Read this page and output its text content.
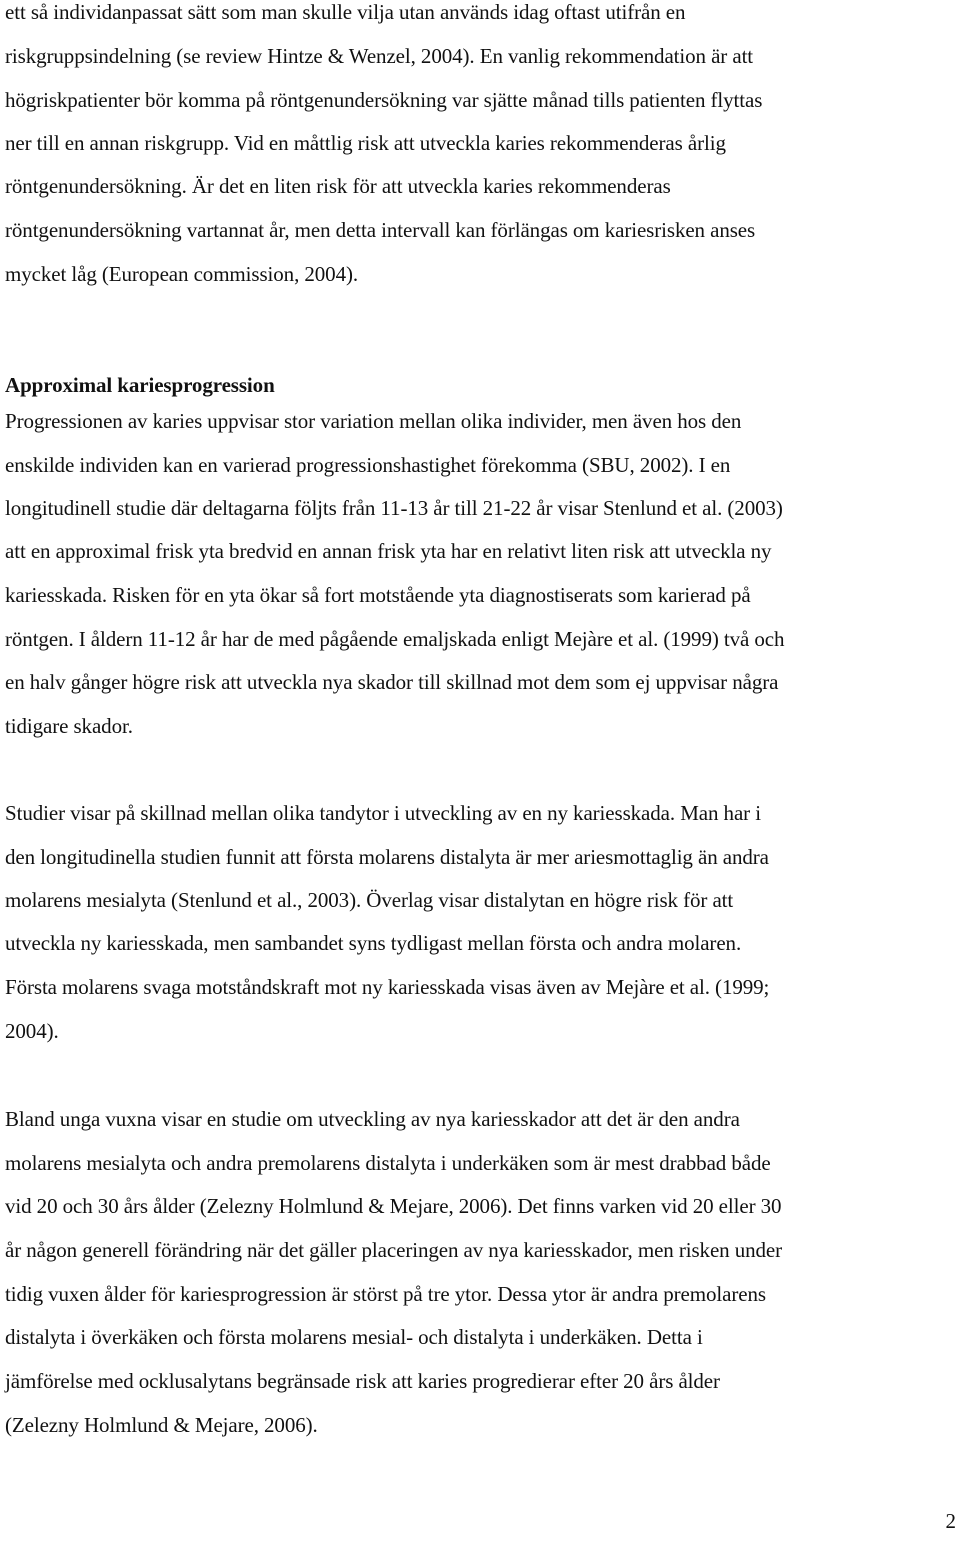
ett så individanpassat sätt som man skulle vilja utan används idag oftast utifrån en
riskgruppsindelning (se review Hintze & Wenzel, 2004). En vanlig rekommendation är att
högriskpatienter bör komma på röntgenundersökning var sjätte månad tills patienten flyttas
ner till en annan riskgrupp. Vid en måttlig risk att utveckla karies rekommenderas årlig
röntgenundersökning. Är det en liten risk för att utveckla karies rekommenderas
röntgenundersökning vartannat år, men detta intervall kan förlängas om kariesrisken anses
mycket låg (European commission, 2004).
Approximal kariesprogression
Progressionen av karies uppvisar stor variation mellan olika individer, men även hos den
enskilde individen kan en varierad progressionshastighet förekomma (SBU, 2002). I en
longitudinell studie där deltagarna följts från 11-13 år till 21-22 år visar Stenlund et al. (2003)
att en approximal frisk yta bredvid en annan frisk yta har en relativt liten risk att utveckla ny
kariesskada. Risken för en yta ökar så fort motstående yta diagnostiserats som karierad på
röntgen. I åldern 11-12 år har de med pågående emaljskada enligt Mejàre et al. (1999) två och
en halv gånger högre risk att utveckla nya skador till skillnad mot dem som ej uppvisar några
tidigare skador.
Studier visar på skillnad mellan olika tandytor i utveckling av en ny kariesskada. Man har i
den longitudinella studien funnit att första molarens distalyta är mer ariesmottaglig än andra
molarens mesialyta (Stenlund et al., 2003). Överlag visar distalytan en högre risk för att
utveckla ny kariesskada, men sambandet syns tydligast mellan första och andra molaren.
Första molarens svaga motståndskraft mot ny kariesskada visas även av Mejàre et al. (1999;
2004).
Bland unga vuxna visar en studie om utveckling av nya kariesskador att det är den andra
molarens mesialyta och andra premolarens distalyta i underkäken som är mest drabbad både
vid 20 och 30 års ålder (Zelezny Holmlund & Mejare, 2006). Det finns varken vid 20 eller 30
år någon generell förändring när det gäller placeringen av nya kariesskador, men risken under
tidig vuxen ålder för kariesprogression är störst på tre ytor. Dessa ytor är andra premolarens
distalyta i överkäken och första molarens mesial- och distalyta i underkäken. Detta i
jämförelse med ocklusalytans begränsade risk att karies progredierar efter 20 års ålder
(Zelezny Holmlund & Mejare, 2006).
2
